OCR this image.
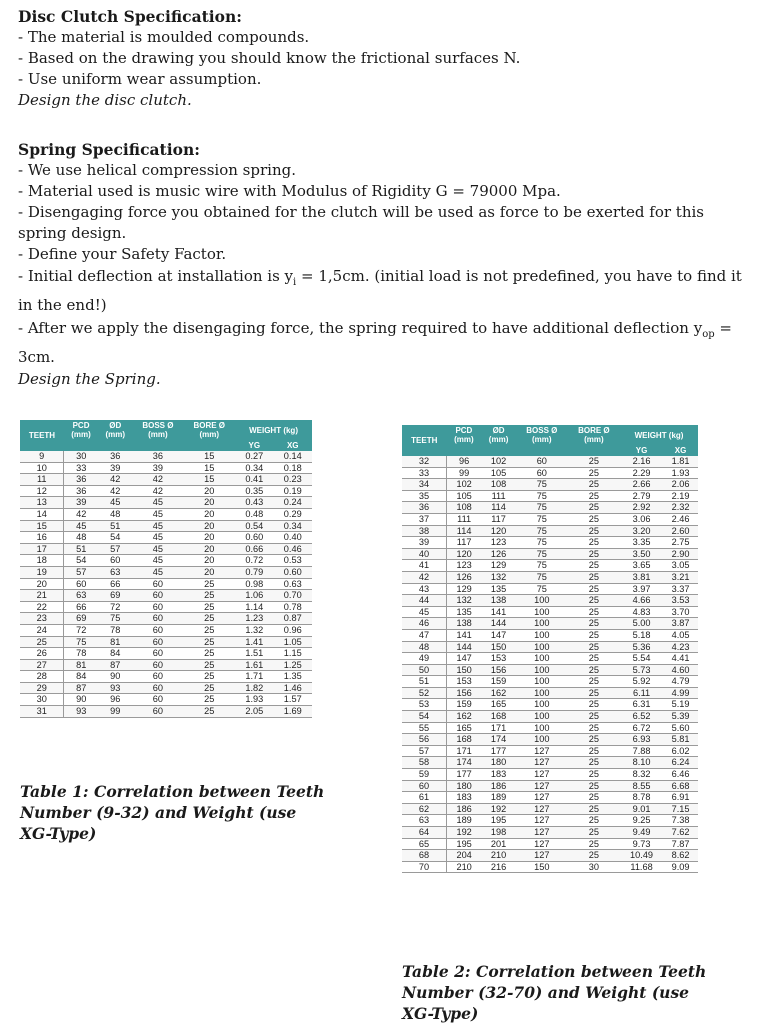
Disc Clutch Specification:

- The material is moulded compounds.

- Based on the drawing you should know the frictional surfaces N.

- Use uniform wear assumption.

Design the disc clutch.

Spring Specification:

- We use helical compression spring.

- Material used is music wire with Modulus of Rigidity G = 79000 Mpa.

- Disengaging force you obtained for the clutch will be used as force to be exerted for this

spring design.

- Define your Safety Factor.

- Initial deflection at installation is $y_i = 1,5cm$. (initial load is not predefined, you have to find it

in the end!)

- After we apply the disengaging force, the spring required to have additional deflection $y_{op}$ =

3cm.

Design the Spring.

TEETH	PCD
(mm)	ØD
(mm)	BOSS Ø
(mm)	BORE Ø
(mm)	WEIGHT (kg)	
					YG	XG
9	30	36	36	15	0.27	0.14
10	33	39	39	15	0.34	0.18
11	36	42	42	15	0.41	0.23
12	36	42	42	20	0.35	0.19
13	39	45	45	20	0.43	0.24
14	42	48	45	20	0.48	0.29
15	45	51	45	20	0.54	0.34
16	48	54	45	20	0.60	0.40
17	51	57	45	20	0.66	0.46
18	54	60	45	20	0.72	0.53
19	57	63	45	20	0.79	0.60
20	60	66	60	25	0.98	0.63
21	63	69	60	25	1.06	0.70
22	66	72	60	25	1.14	0.78
23	69	75	60	25	1.23	0.87
24	72	78	60	25	1.32	0.96
25	75	81	60	25	1.41	1.05
26	78	84	60	25	1.51	1.15
27	81	87	60	25	1.61	1.25
28	84	90	60	25	1.71	1.35
29	87	93	60	25	1.82	1.46
30	90	96	60	25	1.93	1.57
31	93	99	60	25	2.05	1.69
Table 1: Correlation between Teeth
Number (9-32) and Weight (use
XG-Type)
TEETH	PCD
(mm)	ØD
(mm)	BOSS Ø
(mm)	BORE Ø
(mm)	WEIGHT (kg)	
					YG	XG
32	96	102	60	25	2.16	1.81
33	99	105	60	25	2.29	1.93
34	102	108	75	25	2.66	2.06
35	105	111	75	25	2.79	2.19
36	108	114	75	25	2.92	2.32
37	111	117	75	25	3.06	2.46
38	114	120	75	25	3.20	2.60
39	117	123	75	25	3.35	2.75
40	120	126	75	25	3.50	2.90
41	123	129	75	25	3.65	3.05
42	126	132	75	25	3.81	3.21
43	129	135	75	25	3.97	3.37
44	132	138	100	25	4.66	3.53
45	135	141	100	25	4.83	3.70
46	138	144	100	25	5.00	3.87
47	141	147	100	25	5.18	4.05
48	144	150	100	25	5.36	4.23
49	147	153	100	25	5.54	4.41
50	150	156	100	25	5.73	4.60
51	153	159	100	25	5.92	4.79
52	156	162	100	25	6.11	4.99
53	159	165	100	25	6.31	5.19
54	162	168	100	25	6.52	5.39
55	165	171	100	25	6.72	5.60
56	168	174	100	25	6.93	5.81
57	171	177	127	25	7.88	6.02
58	174	180	127	25	8.10	6.24
59	177	183	127	25	8.32	6.46
60	180	186	127	25	8.55	6.68
61	183	189	127	25	8.78	6.91
62	186	192	127	25	9.01	7.15
63	189	195	127	25	9.25	7.38
64	192	198	127	25	9.49	7.62
65	195	201	127	25	9.73	7.87
68	204	210	127	25	10.49	8.62
70	210	216	150	30	11.68	9.09
Table 2: Correlation between Teeth
Number (32-70) and Weight (use
XG-Type)
